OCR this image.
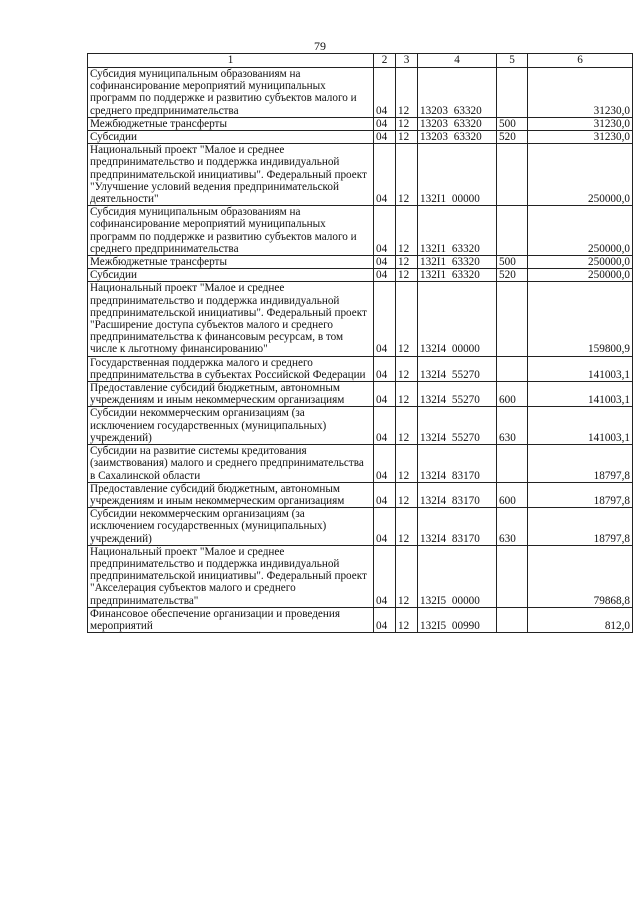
79
1	2	3	4	5	6
Субсидия муниципальным образованиям на софинансирование мероприятий муниципальных программ по поддержке и развитию субъектов малого и среднего предпринимательства	04	12	13203 63320		31230,0
Межбюджетные трансферты	04	12	13203 63320	500	31230,0
Субсидии	04	12	13203 63320	520	31230,0
Национальный проект "Малое и среднее предпринимательство и поддержка индивидуальной предпринимательской инициативы". Федеральный проект "Улучшение условий ведения предпринимательской деятельности"	04	12	132I1 00000		250000,0
Субсидия муниципальным образованиям на софинансирование мероприятий муниципальных программ по поддержке и развитию субъектов малого и среднего предпринимательства	04	12	132I1 63320		250000,0
Межбюджетные трансферты	04	12	132I1 63320	500	250000,0
Субсидии	04	12	132I1 63320	520	250000,0
Национальный проект "Малое и среднее предпринимательство и поддержка индивидуальной предпринимательской инициативы". Федеральный проект "Расширение доступа субъектов малого и среднего предпринимательства к финансовым ресурсам, в том числе к льготному финансированию"	04	12	132I4 00000		159800,9
Государственная поддержка малого и среднего предпринимательства в субъектах Российской Федерации	04	12	132I4 55270		141003,1
Предоставление субсидий бюджетным, автономным учреждениям и иным некоммерческим организациям	04	12	132I4 55270	600	141003,1
Субсидии некоммерческим организациям (за исключением государственных (муниципальных) учреждений)	04	12	132I4 55270	630	141003,1
Субсидии на развитие системы кредитования (заимствования) малого и среднего предпринимательства в Сахалинской области	04	12	132I4 83170		18797,8
Предоставление субсидий бюджетным, автономным учреждениям и иным некоммерческим организациям	04	12	132I4 83170	600	18797,8
Субсидии некоммерческим организациям (за исключением государственных (муниципальных) учреждений)	04	12	132I4 83170	630	18797,8
Национальный проект "Малое и среднее предпринимательство и поддержка индивидуальной предпринимательской инициативы". Федеральный проект "Акселерация субъектов малого и среднего предпринимательства"	04	12	132I5 00000		79868,8
Финансовое обеспечение организации и проведения мероприятий	04	12	132I5 00990		812,0
